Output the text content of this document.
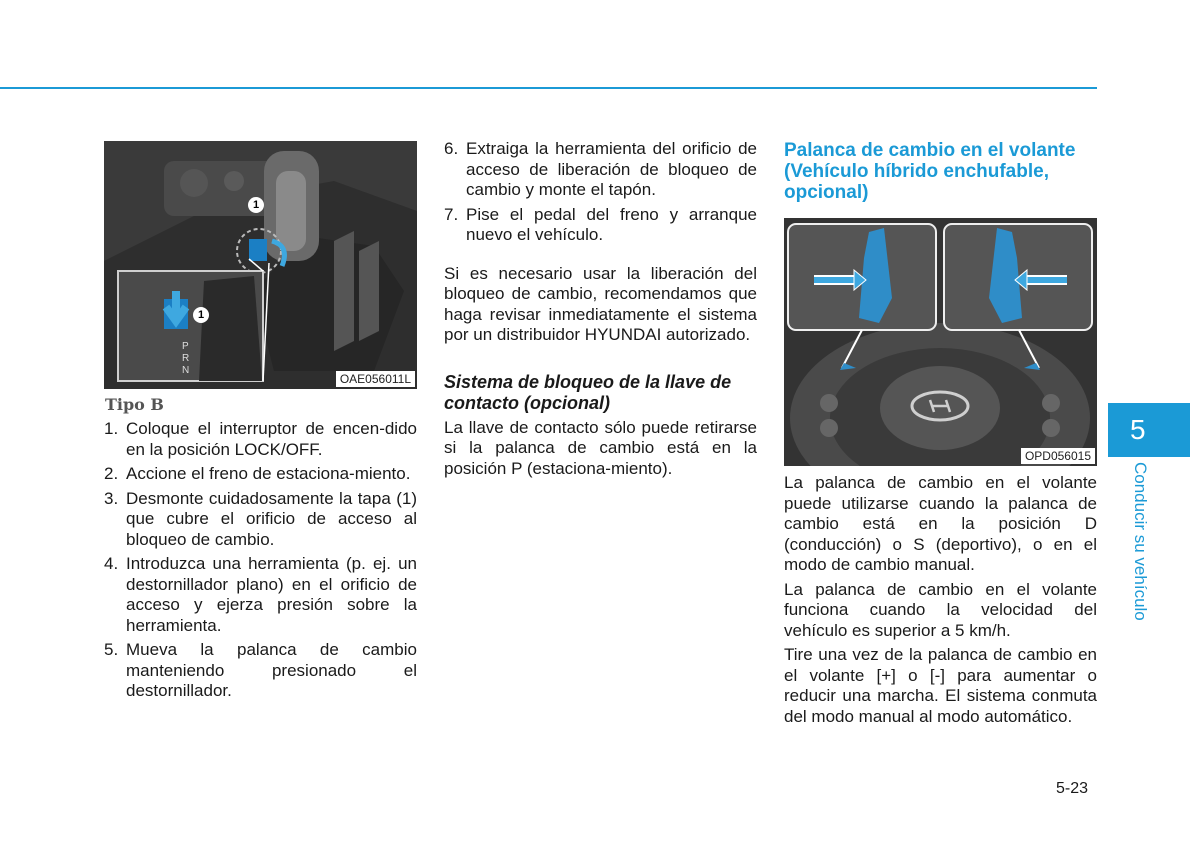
1
1
P R N
OAE056011L
Tipo B
1. Coloque el interruptor de encen-dido en la posición LOCK/OFF.
2. Accione el freno de estaciona-miento.
3. Desmonte cuidadosamente la tapa (1) que cubre el orificio de acceso al bloqueo de cambio.
4. Introduzca una herramienta (p. ej. un destornillador plano) en el orificio de acceso y ejerza presión sobre la herramienta.
5. Mueva la palanca de cambio manteniendo presionado el destornillador.
6. Extraiga la herramienta del orificio de acceso de liberación de bloqueo de cambio y monte el tapón.
7. Pise el pedal del freno y arranque nuevo el vehículo.

Si es necesario usar la liberación del bloqueo de cambio, recomendamos que haga revisar inmediatamente el sistema por un distribuidor HYUNDAI autorizado.

Sistema de bloqueo de la llave de contacto (opcional)

La llave de contacto sólo puede retirarse si la palanca de cambio está en la posición P (estaciona-miento).

Palanca de cambio en el volante (Vehículo híbrido enchufable, opcional)

OPD056015

La palanca de cambio en el volante puede utilizarse cuando la palanca de cambio está en la posición D (conducción) o S (deportivo), o en el modo de cambio manual.

La palanca de cambio en el volante funciona cuando la velocidad del vehículo es superior a 5 km/h.

Tire una vez de la palanca de cambio en el volante [+] o [-] para aumentar o reducir una marcha. El sistema conmuta del modo manual al modo automático.

5
Conducir su vehículo
5-23
